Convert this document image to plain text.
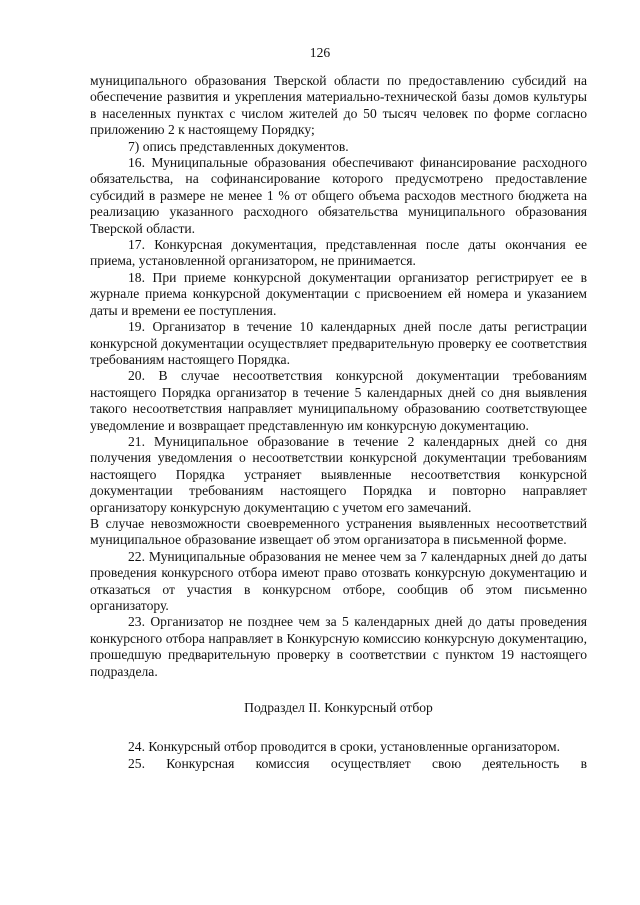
126

муниципального образования Тверской области по предоставлению субсидий на обеспечение развития и укрепления материально-технической базы домов культуры в населенных пунктах с числом жителей до 50 тысяч человек по форме согласно приложению 2 к настоящему Порядку;

7) опись представленных документов.

16. Муниципальные образования обеспечивают финансирование расходного обязательства, на софинансирование которого предусмотрено предоставление субсидий в размере не менее 1 % от общего объема расходов местного бюджета на реализацию указанного расходного обязательства муниципального образования Тверской области.

17. Конкурсная документация, представленная после даты окончания ее приема, установленной организатором, не принимается.

18. При приеме конкурсной документации организатор регистрирует ее в журнале приема конкурсной документации с присвоением ей номера и указанием даты и времени ее поступления.

19. Организатор в течение 10 календарных дней после даты регистрации конкурсной документации осуществляет предварительную проверку ее соответствия требованиям настоящего Порядка.

20. В случае несоответствия конкурсной документации требованиям настоящего Порядка организатор в течение 5 календарных дней со дня выявления такого несоответствия направляет муниципальному образованию соответствующее уведомление и возвращает представленную им конкурсную документацию.

21. Муниципальное образование в течение 2 календарных дней со дня получения уведомления о несоответствии конкурсной документации требованиям настоящего Порядка устраняет выявленные несоответствия конкурсной документации требованиям настоящего Порядка и повторно направляет организатору конкурсную документацию с учетом его замечаний.

В случае невозможности своевременного устранения выявленных несоответствий муниципальное образование извещает об этом организатора в письменной форме.

22. Муниципальные образования не менее чем за 7 календарных дней до даты проведения конкурсного отбора имеют право отозвать конкурсную документацию и отказаться от участия в конкурсном отборе, сообщив об этом письменно организатору.

23. Организатор не позднее чем за 5 календарных дней до даты проведения конкурсного отбора направляет в Конкурсную комиссию конкурсную документацию, прошедшую предварительную проверку в соответствии с пунктом 19 настоящего подраздела.

Подраздел II. Конкурсный отбор

24. Конкурсный отбор проводится в сроки, установленные организатором.

25. Конкурсная комиссия осуществляет свою деятельность в
